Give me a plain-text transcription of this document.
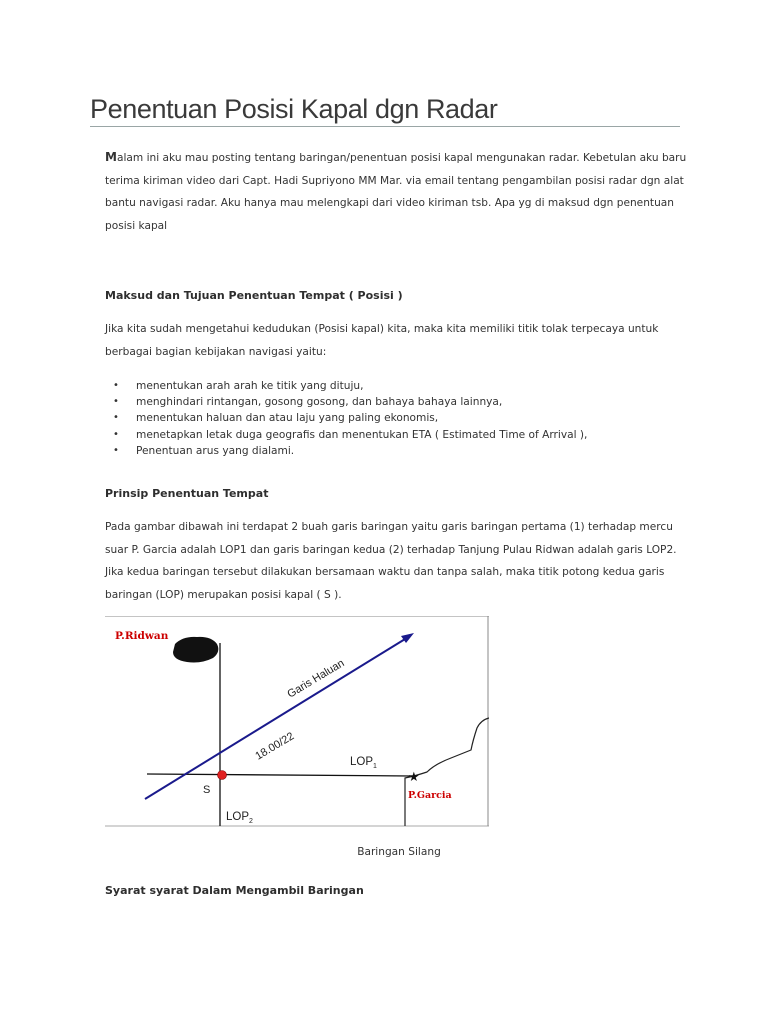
Penentuan Posisi Kapal dgn Radar

Malam ini aku mau posting tentang baringan/penentuan posisi kapal mengunakan radar. Kebetulan aku baru terima kiriman video dari Capt. Hadi Supriyono MM Mar. via email tentang pengambilan posisi radar dgn alat bantu navigasi radar. Aku hanya mau melengkapi dari video kiriman tsb. Apa yg di maksud dgn penentuan posisi kapal

Maksud dan Tujuan Penentuan Tempat ( Posisi )

Jika kita sudah mengetahui kedudukan (Posisi kapal) kita, maka kita memiliki titik tolak terpecaya untuk berbagai bagian kebijakan navigasi yaitu:

• menentukan arah arah ke titik yang dituju,
• menghindari rintangan, gosong gosong, dan bahaya bahaya lainnya,
• menentukan haluan dan atau laju yang paling ekonomis,
• menetapkan letak duga geografis dan menentukan ETA ( Estimated Time of Arrival ),
• Penentuan arus yang dialami.
Prinsip Penentuan Tempat

Pada gambar dibawah ini terdapat 2 buah garis baringan yaitu garis baringan pertama (1) terhadap mercu suar P. Garcia adalah LOP1 dan garis baringan kedua (2) terhadap Tanjung Pulau Ridwan adalah garis LOP2. Jika kedua baringan tersebut dilakukan bersamaan waktu dan tanpa salah, maka titik potong kedua garis baringan (LOP) merupakan posisi kapal ( S ).

★
P.Ridwan
P.Garcia
Garis Haluan
18.00/22	$LOP_1$
$LOP_2$
S
Baringan Silang
Syarat syarat Dalam Mengambil Baringan
